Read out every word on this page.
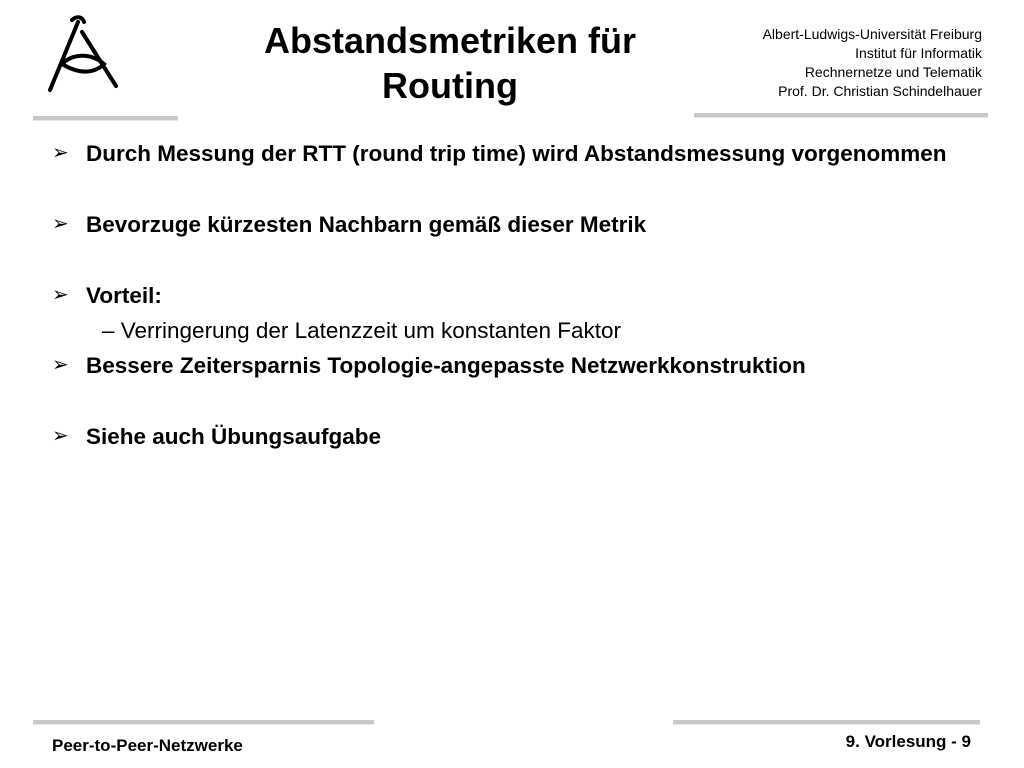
Abstandsmetriken für
Routing
Albert-Ludwigs-Universität Freiburg
Institut für Informatik
Rechnernetze und Telematik
Prof. Dr. Christian Schindelhauer
➢ Durch Messung der RTT (round trip time) wird Abstandsmessung vorgenommen
➢ Bevorzuge kürzesten Nachbarn gemäß dieser Metrik
➢ Vorteil:
– Verringerung der Latenzzeit um konstanten Faktor
➢ Bessere Zeitersparnis Topologie-angepasste Netzwerkkonstruktion
➢ Siehe auch Übungsaufgabe
Peer-to-Peer-Netzwerke	9. Vorlesung - 9
